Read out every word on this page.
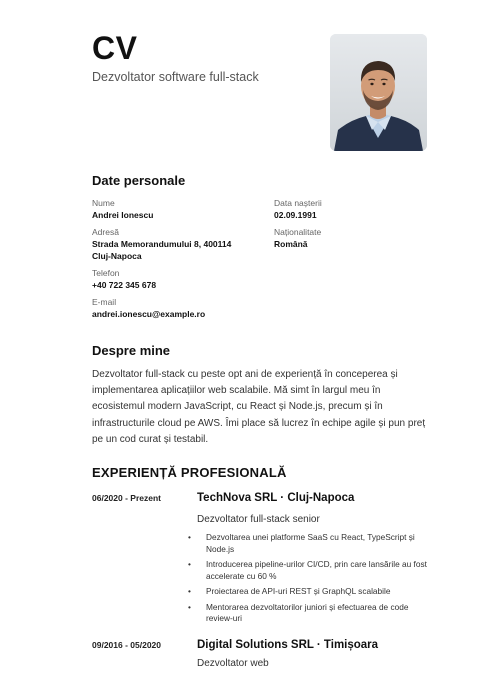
CV
Dezvoltator software full-stack
Date personale
Nume
Andrei Ionescu
Data nașterii
02.09.1991
Adresă
Strada Memorandumului 8, 400114
Cluj-Napoca
Naționalitate
Română
Telefon
+40 722 345 678
E-mail
andrei.ionescu@example.ro
Despre mine
Dezvoltator full-stack cu peste opt ani de experiență în conceperea și implementarea aplicațiilor web scalabile. Mă simt în largul meu în ecosistemul modern JavaScript, cu React și Node.js, precum și în infrastructurile cloud pe AWS. Îmi place să lucrez în echipe agile și pun preț pe un cod curat și testabil.
EXPERIENȚĂ PROFESIONALĂ
06/2020 - Prezent	TechNova SRL · Cluj-Napoca
Dezvoltator full-stack senior
• Dezvoltarea unei platforme SaaS cu React, TypeScript și Node.js
• Introducerea pipeline-urilor CI/CD, prin care lansările au fost accelerate cu 60 %
• Proiectarea de API-uri REST și GraphQL scalabile
• Mentorarea dezvoltatorilor juniori și efectuarea de code review-uri
09/2016 - 05/2020	Digital Solutions SRL · Timișoara
Dezvoltator web
